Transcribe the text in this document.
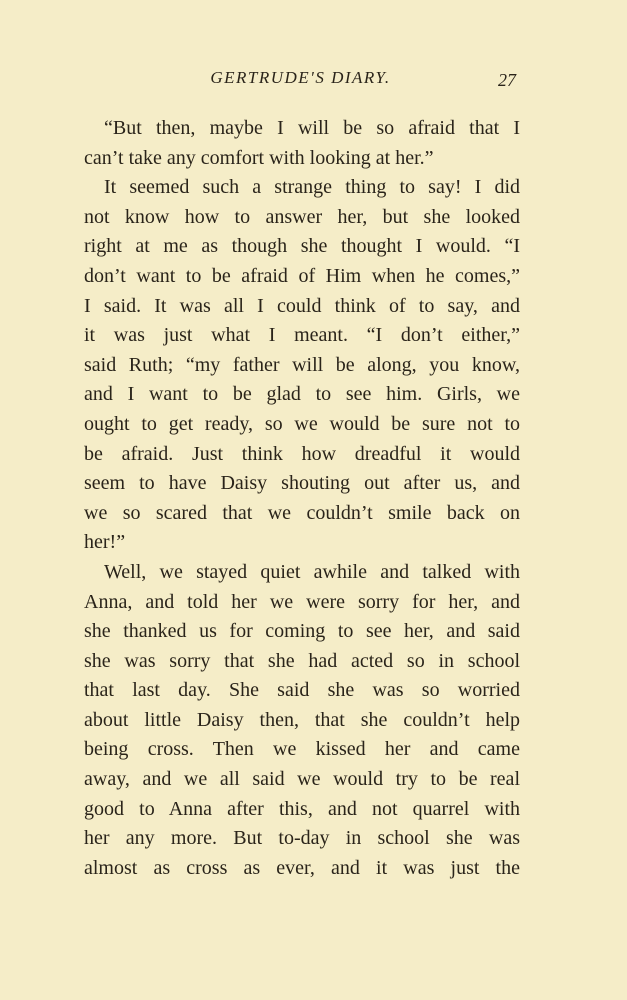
GERTRUDE'S DIARY.	27
“But then, maybe I will be so afraid that I
can’t take any comfort with looking at her.”
It seemed such a strange thing to say! I did
not know how to answer her, but she looked
right at me as though she thought I would. “I
don’t want to be afraid of Him when he comes,”
I said. It was all I could think of to say, and
it was just what I meant. “I don’t either,”
said Ruth; “my father will be along, you know,
and I want to be glad to see him. Girls, we
ought to get ready, so we would be sure not to
be afraid. Just think how dreadful it would
seem to have Daisy shouting out after us, and
we so scared that we couldn’t smile back on
her!”
Well, we stayed quiet awhile and talked with
Anna, and told her we were sorry for her, and
she thanked us for coming to see her, and said
she was sorry that she had acted so in school
that last day. She said she was so worried
about little Daisy then, that she couldn’t help
being cross. Then we kissed her and came
away, and we all said we would try to be real
good to Anna after this, and not quarrel with
her any more. But to-day in school she was
almost as cross as ever, and it was just the
